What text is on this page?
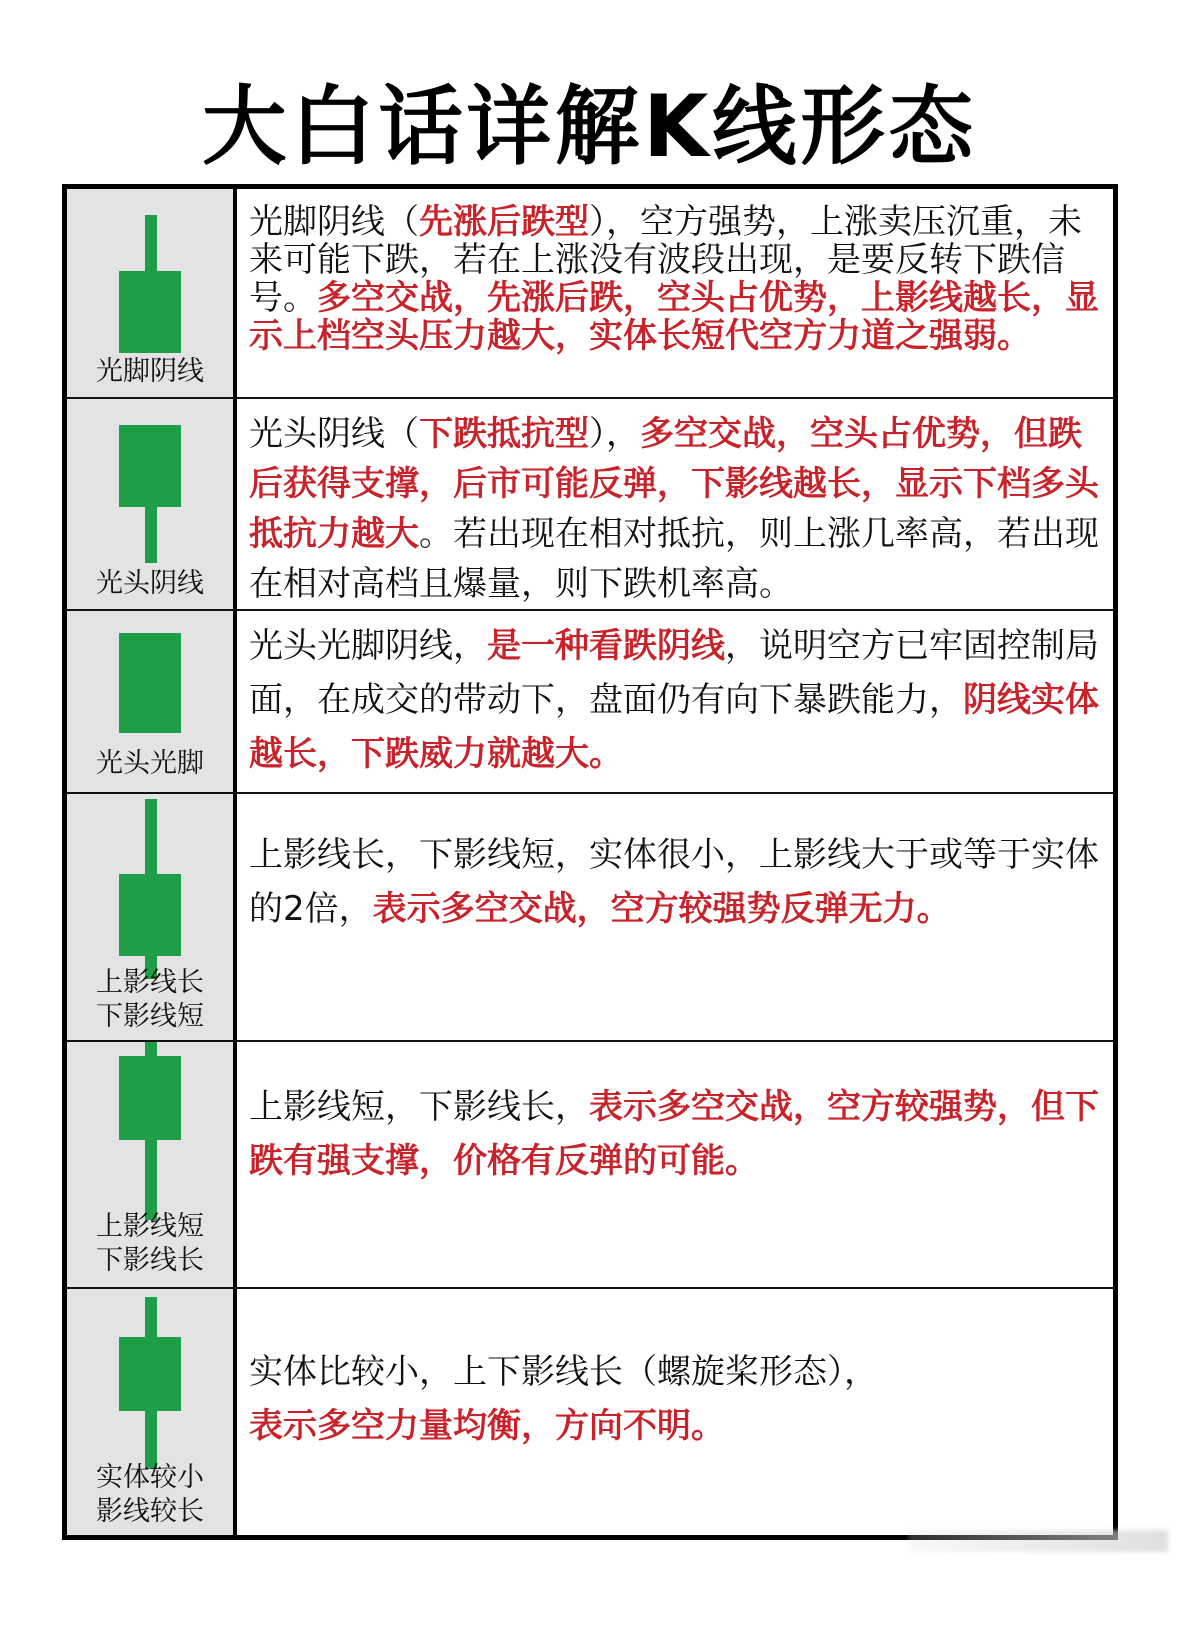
大白话详解K线形态
光脚阴线
光脚阴线（先涨后跌型），空方强势，上涨卖压沉重，未来可能下跌，若在上涨没有波段出现，是要反转下跌信号。多空交战，先涨后跌，空头占优势，上影线越长，显示上档空头压力越大，实体长短代空方力道之强弱。
光头阴线
光头阴线（下跌抵抗型），多空交战，空头占优势，但跌后获得支撑，后市可能反弹，下影线越长，显示下档多头抵抗力越大。若出现在相对抵抗，则上涨几率高，若出现在相对高档且爆量，则下跌机率高。
光头光脚
光头光脚阴线，是一种看跌阴线，说明空方已牢固控制局面，在成交的带动下，盘面仍有向下暴跌能力，阴线实体越长，下跌威力就越大。
上影线长
下影线短
上影线长，下影线短，实体很小，上影线大于或等于实体的2倍，表示多空交战，空方较强势反弹无力。
上影线短
下影线长
上影线短，下影线长，表示多空交战，空方较强势，但下跌有强支撑，价格有反弹的可能。
实体较小
影线较长
实体比较小，上下影线长（螺旋桨形态），
表示多空力量均衡，方向不明。
